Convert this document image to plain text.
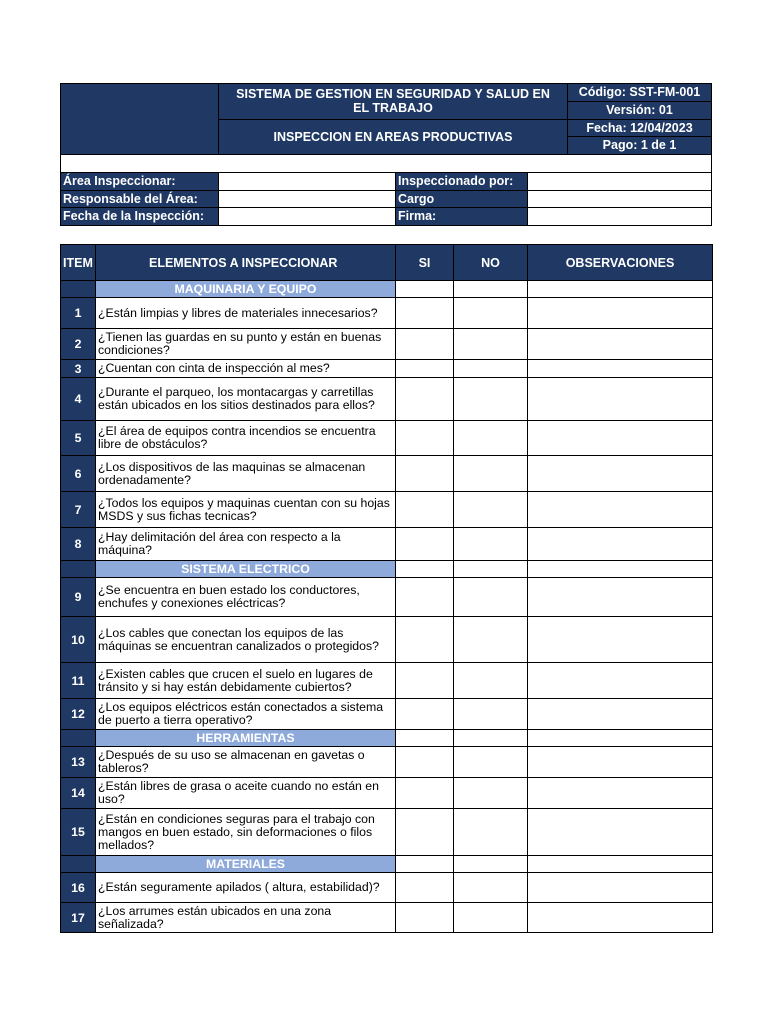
SISTEMA DE GESTION EN SEGURIDAD Y SALUD EN EL TRABAJO
INSPECCION EN AREAS PRODUCTIVAS
Código: SST-FM-001
Versión: 01
Fecha: 12/04/2023
Pago: 1 de 1
Área Inspeccionar:	Inspeccionado por:
Responsable del Área:	Cargo
Fecha de la Inspección:	Firma:
ITEM	ELEMENTOS A INSPECCIONAR	SI	NO	OBSERVACIONES
	MAQUINARIA Y EQUIPO			
1	¿Están limpias y libres de materiales innecesarios?			
2	¿Tienen las guardas en su punto y están en buenas condiciones?			
3	¿Cuentan con cinta de inspección al mes?			
4	¿Durante el parqueo, los montacargas y carretillas están ubicados en los sitios destinados para ellos?			
5	¿El área de equipos contra incendios se encuentra libre de obstáculos?			
6	¿Los dispositivos de las maquinas se almacenan ordenadamente?			
7	¿Todos los equipos y maquinas cuentan con su hojas MSDS y sus fichas tecnicas?			
8	¿Hay delimitación del área con respecto a la máquina?			
	SISTEMA ELECTRICO			
9	¿Se encuentra en buen estado los conductores, enchufes y conexiones eléctricas?			
10	¿Los cables que conectan los equipos de las máquinas se encuentran canalizados o protegidos?			
11	¿Existen cables que crucen el suelo en lugares de tránsito y si hay están debidamente cubiertos?			
12	¿Los equipos eléctricos están conectados a sistema de puerto a tierra operativo?			
	HERRAMIENTAS			
13	¿Después de su uso se almacenan en gavetas o tableros?			
14	¿Están libres de grasa o aceite cuando no están en uso?			
15	¿Están en condiciones seguras para el trabajo con mangos en buen estado, sin deformaciones o filos mellados?			
	MATERIALES			
16	¿Están seguramente apilados ( altura, estabilidad)?			
17	¿Los arrumes están ubicados en una zona señalizada?			
